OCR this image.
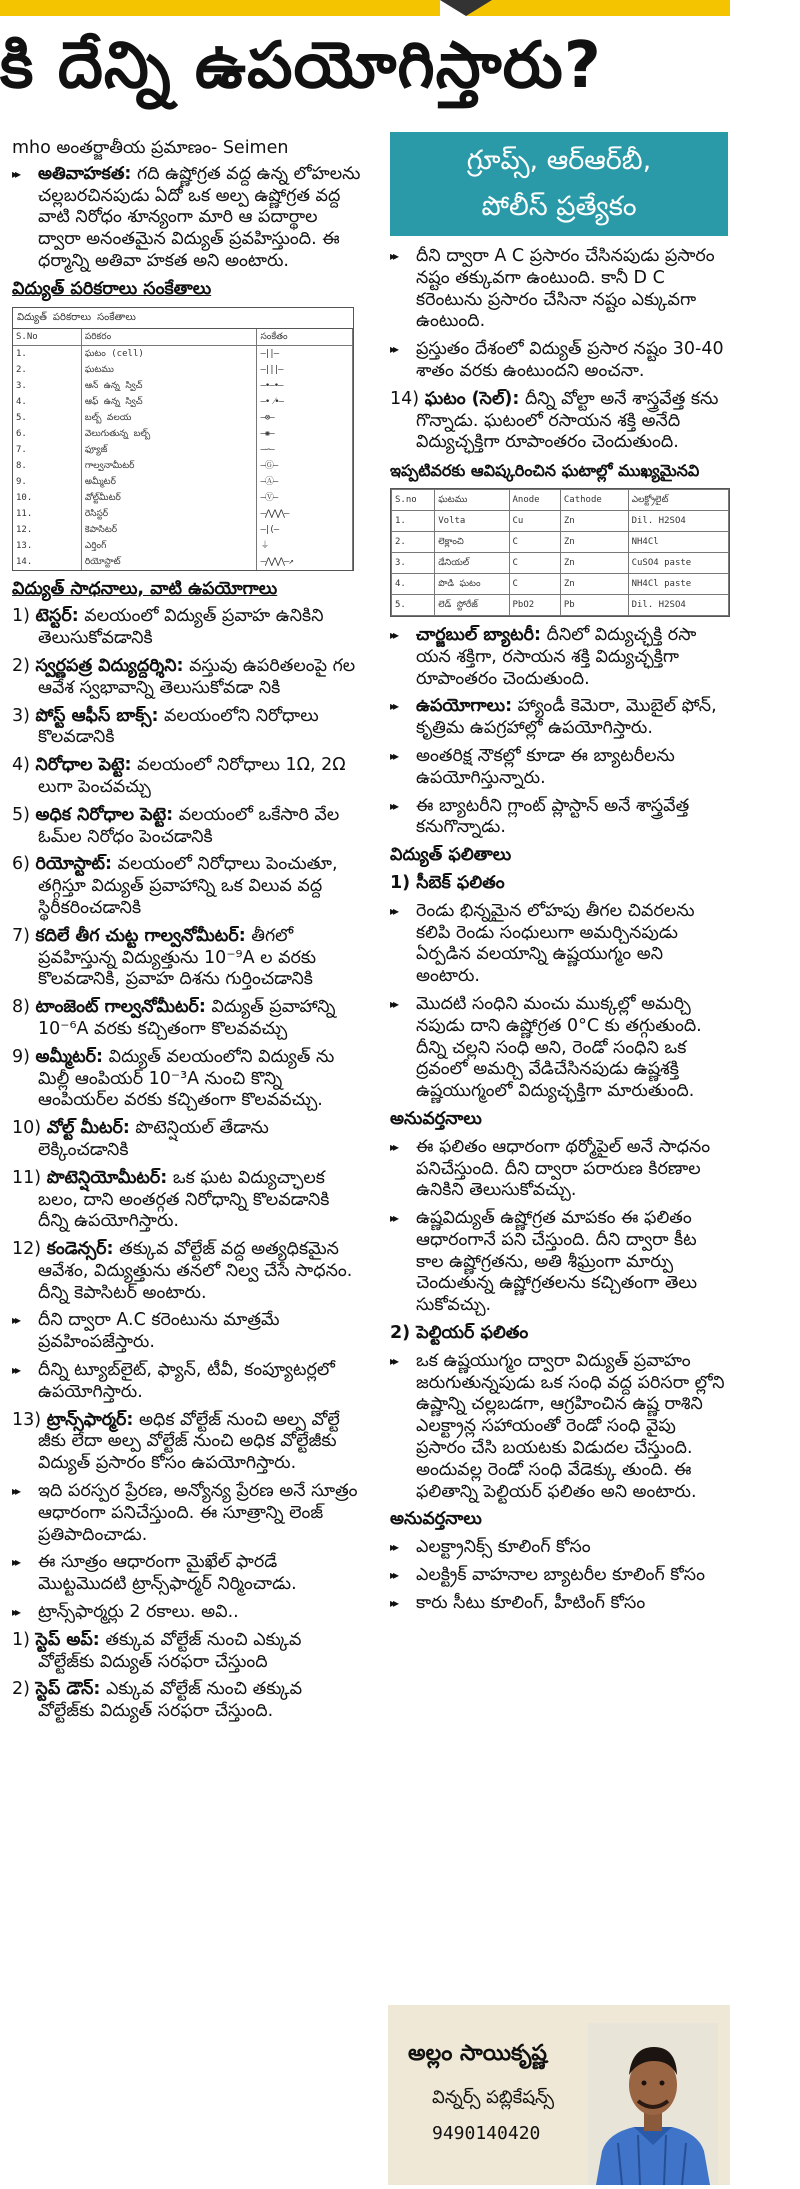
కి దేన్ని ఉపయోగిస్తారు?

mho అంతర్జాతీయ ప్రమాణం- Seimen

▸▸ అతివాహకత: గది ఉష్ణోగ్రత వద్ద ఉన్న లోహలను చల్లబరచినపుడు ఏదో ఒక అల్ప ఉష్ణోగ్రత వద్ద వాటి నిరోధం శూన్యంగా మారి ఆ పదార్థాల ద్వారా అనంతమైన విద్యుత్ ప్రవహిస్తుంది. ఈ ధర్మాన్ని అతివా హకత అని అంటారు.
విద్యుత్ పరికరాలు సంకేతాలు
విద్యుత్ పరికరాలు సంకేతాలు
S.No	పరికరం	సంకేతం
1.	ఘటం (cell)	—||—
2.	ఘటము	—|||—
3.	ఆన్ ఉన్న స్విచ్	—•—•—
4.	ఆఫ్ ఉన్న స్విచ్	—• ⁄•—
5.	బల్బ్ వలయ	—⊗—
6.	వెలుగుతున్న బల్బ్	—✺—
7.	ఫ్యూజ్	—∽—
8.	గాల్వనామీటర్	—Ⓖ—
9.	అమ్మీటర్	—Ⓐ—
10.	వోల్ట్‌మీటర్	—Ⓥ—
11.	రెసిస్టర్	—⋀⋀⋀—
12.	కెపాసిటర్	—|(—
13.	ఎర్తింగ్	⏚
14.	రియోస్టాట్	—⋀⋀⋀—↗
విద్యుత్ సాధనాలు, వాటి ఉపయోగాలు
1) టెస్టర్: వలయంలో విద్యుత్ ప్రవాహ ఉనికిని తెలుసుకోవడానికి
2) స్వర్ణపత్ర విద్యుద్దర్శిని: వస్తువు ఉపరితలంపై గల ఆవేశ స్వభావాన్ని తెలుసుకోవడా నికి
3) పోస్ట్ ఆఫీస్ బాక్స్: వలయంలోని నిరోధాలు కొలవడానికి
4) నిరోధాల పెట్టె: వలయంలో నిరోధాలు 1Ω, 2Ω లుగా పెంచవచ్చు
5) అధిక నిరోధాల పెట్టె: వలయంలో ఒకేసారి వేల ఓమ్‌ల నిరోధం పెంచడానికి
6) రియోస్టాట్: వలయంలో నిరోధాలు పెంచుతూ, తగ్గిస్తూ విద్యుత్ ప్రవాహాన్ని ఒక విలువ వద్ద స్థిరీకరించడానికి
7) కదిలే తీగ చుట్ట గాల్వనోమీటర్: తీగలో ప్రవహిస్తున్న విద్యుత్తును 10⁻⁹A ల వరకు కొలవడానికి, ప్రవాహ దిశను గుర్తించడానికి
8) టాంజెంట్ గాల్వనోమీటర్: విద్యుత్ ప్రవాహాన్ని 10⁻⁶A వరకు కచ్చితంగా కొలవవచ్చు
9) అమ్మీటర్: విద్యుత్ వలయంలోని విద్యుత్ ను మిల్లీ ఆంపియర్ 10⁻³A నుంచి కొన్ని ఆంపియర్‌ల వరకు కచ్చితంగా కొలవవచ్చు.
10) వోల్ట్ మీటర్: పొటెన్షియల్ తేడాను లెక్కించడానికి
11) పొటెన్షియోమీటర్: ఒక ఘట విద్యుచ్ఛాలక బలం, దాని అంతర్గత నిరోధాన్ని కొలవడానికి దీన్ని ఉపయోగిస్తారు.
12) కండెన్సర్: తక్కువ వోల్టేజ్ వద్ద అత్యధికమైన ఆవేశం, విద్యుత్తును తనలో నిల్వ చేసే సాధనం. దీన్ని కెపాసిటర్ అంటారు.
▸▸ దీని ద్వారా A.C కరెంటును మాత్రమే ప్రవహింపజేస్తారు.
▸▸ దీన్ని ట్యూబ్‌లైట్, ఫ్యాన్, టీవీ, కంప్యూటర్లలో ఉపయోగిస్తారు.
13) ట్రాన్స్‌ఫార్మర్: అధిక వోల్టేజ్ నుంచి అల్ప వోల్టే జీకు లేదా అల్ప వోల్టేజ్ నుంచి అధిక వోల్టేజీకు విద్యుత్ ప్రసారం కోసం ఉపయోగిస్తారు.
▸▸ ఇది పరస్పర ప్రేరణ, అన్యోన్య ప్రేరణ అనే సూత్రం ఆధారంగా పనిచేస్తుంది. ఈ సూత్రాన్ని లెంజ్ ప్రతిపాదించాడు.
▸▸ ఈ సూత్రం ఆధారంగా మైఖేల్ ఫారడే మొట్టమొదటి ట్రాన్స్‌ఫార్మర్ నిర్మించాడు.
▸▸ ట్రాన్స్‌ఫార్మర్లు 2 రకాలు. అవి..
1) స్టెప్ అప్: తక్కువ వోల్టేజ్ నుంచి ఎక్కువ వోల్టేజ్‌కు విద్యుత్ సరఫరా చేస్తుంది
2) స్టెప్ డౌన్: ఎక్కువ వోల్టేజ్ నుంచి తక్కువ వోల్టేజ్‌కు విద్యుత్ సరఫరా చేస్తుంది.
గ్రూప్స్, ఆర్ఆర్‌బీ,
పోలీస్ ప్రత్యేకం
▸▸ దీని ద్వారా A C ప్రసారం చేసినపుడు ప్రసారం నష్టం తక్కువగా ఉంటుంది. కానీ D C కరెంటును ప్రసారం చేసినా నష్టం ఎక్కువగా ఉంటుంది.
▸▸ ప్రస్తుతం దేశంలో విద్యుత్ ప్రసార నష్టం 30-40 శాతం వరకు ఉంటుందని అంచనా.
14) ఘటం (సెల్): దీన్ని వోల్టా అనే శాస్త్రవేత్త కను గొన్నాడు. ఘటంలో రసాయన శక్తి అనేది విద్యుచ్ఛక్తిగా రూపాంతరం చెందుతుంది.
ఇప్పటివరకు ఆవిష్కరించిన ఘటాల్లో ముఖ్యమైనవి
S.no	ఘటము	Anode	Cathode	ఎలక్ట్రోలైట్
1.	Volta	Cu	Zn	Dil. H2SO4
2.	లెక్లాంచి	C	Zn	NH4Cl
3.	డేనియల్	C	Zn	CuSO4 paste
4.	పొడి ఘటం	C	Zn	NH4Cl paste
5.	లెడ్ స్టోరేజ్	PbO2	Pb	Dil. H2SO4
▸▸ చార్జబుల్ బ్యాటరీ: దీనిలో విద్యుచ్ఛక్తి రసా యన శక్తిగా, రసాయన శక్తి విద్యుచ్ఛక్తిగా రూపాంతరం చెందుతుంది.
▸▸ ఉపయోగాలు: హ్యాండీ కెమెరా, మొబైల్ ఫోన్, కృత్రిమ ఉపగ్రహాల్లో ఉపయోగిస్తారు.
▸▸ అంతరిక్ష నౌకల్లో కూడా ఈ బ్యాటరీలను ఉపయోగిస్తున్నారు.
▸▸ ఈ బ్యాటరీని గ్లాంట్ ప్లాస్టాన్ అనే శాస్త్రవేత్త కనుగొన్నాడు.
విద్యుత్ ఫలితాలు
1) సీబెక్ ఫలితం
▸▸ రెండు భిన్నమైన లోహపు తీగల చివరలను కలిపి రెండు సంధులుగా అమర్చినపుడు ఏర్పడిన వలయాన్ని ఉష్ణయుగ్మం అని అంటారు.
▸▸ మొదటి సంధిని మంచు ముక్కల్లో అమర్చి నపుడు దాని ఉష్ణోగ్రత 0°C కు తగ్గుతుంది. దీన్ని చల్లని సంధి అని, రెండో సంధిని ఒక ద్రవంలో అమర్చి వేడిచేసినపుడు ఉష్ణశక్తి ఉష్ణయుగ్మంలో విద్యుచ్ఛక్తిగా మారుతుంది.
అనువర్తనాలు
▸▸ ఈ ఫలితం ఆధారంగా థర్మోపైల్ అనే సాధనం పనిచేస్తుంది. దీని ద్వారా పరారుణ కిరణాల ఉనికిని తెలుసుకోవచ్చు.
▸▸ ఉష్ణవిద్యుత్ ఉష్ణోగ్రత మాపకం ఈ ఫలితం ఆధారంగానే పని చేస్తుంది. దీని ద్వారా కీట కాల ఉష్ణోగ్రతను, అతి శీఘ్రంగా మార్పు చెందుతున్న ఉష్ణోగ్రతలను కచ్చితంగా తెలు సుకోవచ్చు.
2) పెల్టియర్ ఫలితం
▸▸ ఒక ఉష్ణయుగ్మం ద్వారా విద్యుత్ ప్రవాహం జరుగుతున్నపుడు ఒక సంధి వద్ద పరిసరా ల్లోని ఉష్ణాన్ని చల్లబడగా, ఆగ్రహించిన ఉష్ణ రాశిని ఎలక్ట్రాన్ల సహాయంతో రెండో సంధి వైపు ప్రసారం చేసి బయటకు విడుదల చేస్తుంది. అందువల్ల రెండో సంధి వేడెక్కు తుంది. ఈ ఫలితాన్ని పెల్టియర్ ఫలితం అని అంటారు.
అనువర్తనాలు
▸▸ ఎలక్ట్రానిక్స్ కూలింగ్ కోసం
▸▸ ఎలక్ట్రిక్ వాహనాల బ్యాటరీల కూలింగ్ కోసం
▸▸ కారు సీటు కూలింగ్, హీటింగ్ కోసం
అల్లం సాయికృష్ణ
విన్నర్స్ పబ్లికేషన్స్
9490140420
